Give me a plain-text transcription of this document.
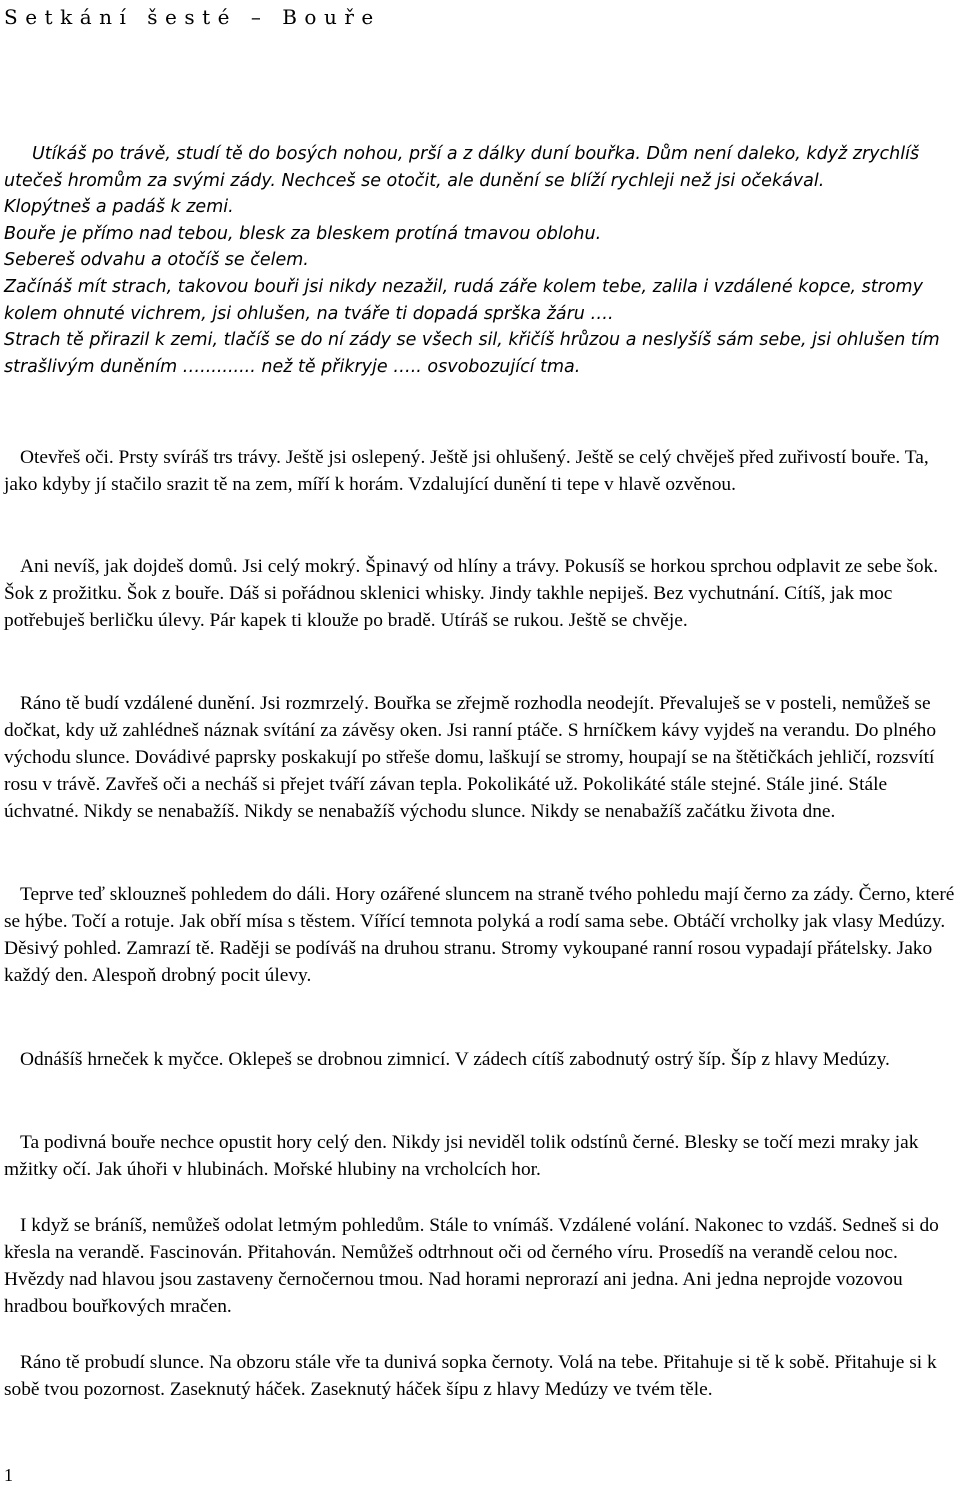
Setkání šesté – Bouře

Utíkáš po trávě, studí tě do bosých nohou, prší a z dálky duní bouřka. Dům není daleko, když zrychlíš utečeš hromům za svými zády. Nechceš se otočit, ale dunění se blíží rychleji než jsi očekával.

Klopýtneš a padáš k zemi.

Bouře je přímo nad tebou, blesk za bleskem protíná tmavou oblohu.

Sebereš odvahu a otočíš se čelem.

Začínáš mít strach, takovou bouři jsi nikdy nezažil, rudá záře kolem tebe, zalila i vzdálené kopce, stromy kolem ohnuté vichrem, jsi ohlušen, na tváře ti dopadá sprška žáru ….

Strach tě přirazil k zemi, tlačíš se do ní zády se všech sil, křičíš hrůzou a neslyšíš sám sebe, jsi ohlušen tím strašlivým duněním ….......... než tě přikryje ….. osvobozující tma.

Otevřeš oči. Prsty svíráš trs trávy. Ještě jsi oslepený. Ještě jsi ohlušený. Ještě se celý chvěješ před zuřivostí bouře. Ta, jako kdyby jí stačilo srazit tě na zem, míří k horám. Vzdalující dunění ti tepe v hlavě ozvěnou.

Ani nevíš, jak dojdeš domů. Jsi celý mokrý. Špinavý od hlíny a trávy. Pokusíš se horkou sprchou odplavit ze sebe šok. Šok z prožitku. Šok z bouře. Dáš si pořádnou sklenici whisky. Jindy takhle nepiješ. Bez vychutnání. Cítíš, jak moc potřebuješ berličku úlevy. Pár kapek ti klouže po bradě. Utíráš se rukou. Ještě se chvěje.

Ráno tě budí vzdálené dunění. Jsi rozmrzelý. Bouřka se zřejmě rozhodla neodejít. Převaluješ se v posteli, nemůžeš se dočkat, kdy už zahlédneš náznak svítání za závěsy oken. Jsi ranní ptáče. S hrníčkem kávy vyjdeš na verandu. Do plného východu slunce. Dovádivé paprsky poskakují po střeše domu, laškují se stromy, houpají se na štětičkách jehličí, rozsvítí rosu v trávě. Zavřeš oči a necháš si přejet tváří závan tepla. Pokolikáté už. Pokolikáté stále stejné. Stále jiné. Stále úchvatné. Nikdy se nenabažíš. Nikdy se nenabažíš východu slunce. Nikdy se nenabažíš začátku života dne.

Teprve teď sklouzneš pohledem do dáli. Hory ozářené sluncem na straně tvého pohledu mají černo za zády. Černo, které se hýbe. Točí a rotuje. Jak obří mísa s těstem. Vířící temnota polyká a rodí sama sebe. Obtáčí vrcholky jak vlasy Medúzy. Děsivý pohled. Zamrazí tě. Raději se podíváš na druhou stranu. Stromy vykoupané ranní rosou vypadají přátelsky. Jako každý den. Alespoň drobný pocit úlevy.

Odnášíš hrneček k myčce. Oklepeš se drobnou zimnicí. V zádech cítíš zabodnutý ostrý šíp. Šíp z hlavy Medúzy.

Ta podivná bouře nechce opustit hory celý den. Nikdy jsi neviděl tolik odstínů černé. Blesky se točí mezi mraky jak mžitky očí. Jak úhoři v hlubinách. Mořské hlubiny na vrcholcích hor.

I když se bráníš, nemůžeš odolat letmým pohledům. Stále to vnímáš. Vzdálené volání. Nakonec to vzdáš. Sedneš si do křesla na verandě. Fascinován. Přitahován. Nemůžeš odtrhnout oči od černého víru. Prosedíš na verandě celou noc. Hvězdy nad hlavou jsou zastaveny černočernou tmou. Nad horami neprorazí ani jedna. Ani jedna neprojde vozovou hradbou bouřkových mračen.

Ráno tě probudí slunce. Na obzoru stále vře ta dunivá sopka černoty. Volá na tebe. Přitahuje si tě k sobě. Přitahuje si k sobě tvou pozornost. Zaseknutý háček. Zaseknutý háček šípu z hlavy Medúzy ve tvém těle.

1
